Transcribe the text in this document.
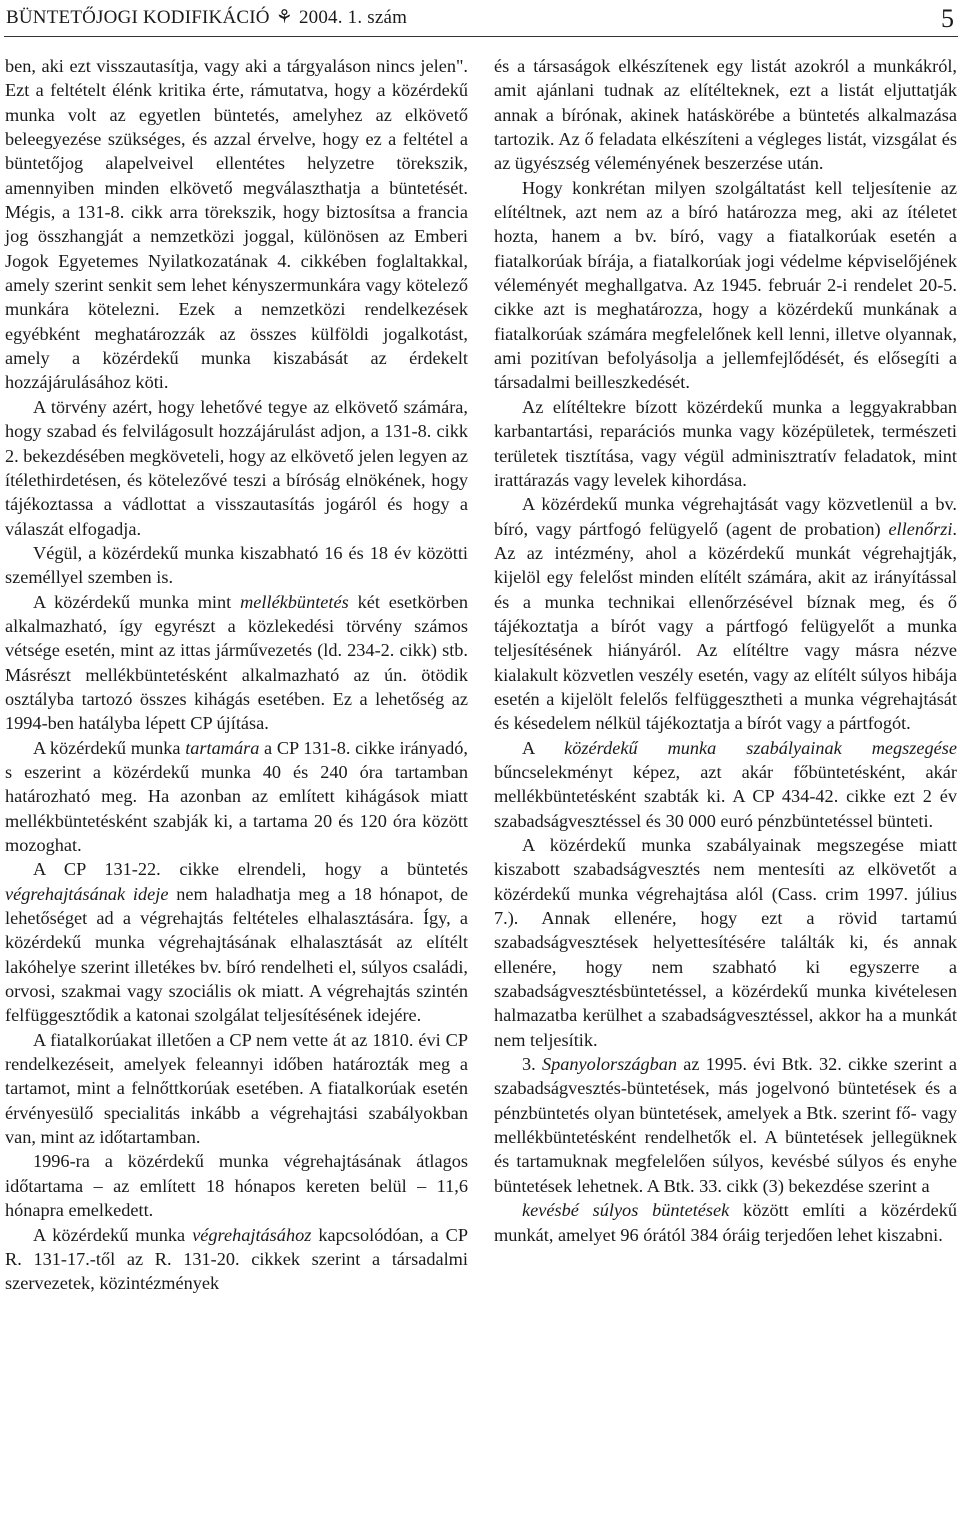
BÜNTETŐJOGI KODIFIKÁCIÓ ⚘ 2004. 1. szám	5

ben, aki ezt visszautasítja, vagy aki a tárgyaláson nincs jelen". Ezt a feltételt élénk kritika érte, rámutatva, hogy a közérdekű munka volt az egyetlen büntetés, amelyhez az elkövető beleegyezése szükséges, és azzal érvelve, hogy ez a feltétel a büntetőjog alapelveivel ellentétes helyzetre törekszik, amennyiben minden elkövető megválaszthatja a büntetését. Mégis, a 131-8. cikk arra törekszik, hogy biztosítsa a francia jog összhangját a nemzetközi joggal, különösen az Emberi Jogok Egyetemes Nyilatkozatának 4. cikkében foglaltakkal, amely szerint senkit sem lehet kényszermunkára vagy kötelező munkára kötelezni. Ezek a nemzetközi rendelkezések egyébként meghatározzák az összes külföldi jogalkotást, amely a közérdekű munka kiszabását az érdekelt hozzájárulásához köti.

A törvény azért, hogy lehetővé tegye az elkövető számára, hogy szabad és felvilágosult hozzájárulást adjon, a 131-8. cikk 2. bekezdésében megköveteli, hogy az elkövető jelen legyen az ítélethirdetésen, és kötelezővé teszi a bíróság elnökének, hogy tájékoztassa a vádlottat a visszautasítás jogáról és hogy a válaszát elfogadja.

Végül, a közérdekű munka kiszabható 16 és 18 év közötti személlyel szemben is.

A közérdekű munka mint mellékbüntetés két esetkörben alkalmazható, így egyrészt a közlekedési törvény számos vétsége esetén, mint az ittas járművezetés (ld. 234-2. cikk) stb. Másrészt mellékbüntetésként alkalmazható az ún. ötödik osztályba tartozó összes kihágás esetében. Ez a lehetőség az 1994-ben hatályba lépett CP újítása.

A közérdekű munka tartamára a CP 131-8. cikke irányadó, s eszerint a közérdekű munka 40 és 240 óra tartamban határozható meg. Ha azonban az említett kihágások miatt mellékbüntetésként szabják ki, a tartama 20 és 120 óra között mozoghat.

A CP 131-22. cikke elrendeli, hogy a büntetés végrehajtásának ideje nem haladhatja meg a 18 hónapot, de lehetőséget ad a végrehajtás feltételes elhalasztására. Így, a közérdekű munka végrehajtásának elhalasztását az elítélt lakóhelye szerint illetékes bv. bíró rendelheti el, súlyos családi, orvosi, szakmai vagy szociális ok miatt. A végrehajtás szintén felfüggesztődik a katonai szolgálat teljesítésének idejére.

A fiatalkorúakat illetően a CP nem vette át az 1810. évi CP rendelkezéseit, amelyek feleannyi időben határozták meg a tartamot, mint a felnőttkorúak esetében. A fiatalkorúak esetén érvényesülő specialitás inkább a végrehajtási szabályokban van, mint az időtartamban.

1996-ra a közérdekű munka végrehajtásának átlagos időtartama – az említett 18 hónapos kereten belül – 11,6 hónapra emelkedett.

A közérdekű munka végrehajtásához kapcsolódóan, a CP R. 131-17.-től az R. 131-20. cikkek szerint a társadalmi szervezetek, közintézmények

és a társaságok elkészítenek egy listát azokról a munkákról, amit ajánlani tudnak az elítélteknek, ezt a listát eljuttatják annak a bírónak, akinek hatáskörébe a büntetés alkalmazása tartozik. Az ő feladata elkészíteni a végleges listát, vizsgálat és az ügyészség véleményének beszerzése után.

Hogy konkrétan milyen szolgáltatást kell teljesítenie az elítéltnek, azt nem az a bíró határozza meg, aki az ítéletet hozta, hanem a bv. bíró, vagy a fiatalkorúak esetén a fiatalkorúak bírája, a fiatalkorúak jogi védelme képviselőjének véleményét meghallgatva. Az 1945. február 2-i rendelet 20-5. cikke azt is meghatározza, hogy a közérdekű munkának a fiatalkorúak számára megfelelőnek kell lenni, illetve olyannak, ami pozitívan befolyásolja a jellemfejlődését, és elősegíti a társadalmi beilleszkedését.

Az elítéltekre bízott közérdekű munka a leggyakrabban karbantartási, reparációs munka vagy középületek, természeti területek tisztítása, vagy végül adminisztratív feladatok, mint irattárazás vagy levelek kihordása.

A közérdekű munka végrehajtását vagy közvetlenül a bv. bíró, vagy pártfogó felügyelő (agent de probation) ellenőrzi. Az az intézmény, ahol a közérdekű munkát végrehajtják, kijelöl egy felelőst minden elítélt számára, akit az irányítással és a munka technikai ellenőrzésével bíznak meg, és ő tájékoztatja a bírót vagy a pártfogó felügyelőt a munka teljesítésének hiányáról. Az elítéltre vagy másra nézve kialakult közvetlen veszély esetén, vagy az elítélt súlyos hibája esetén a kijelölt felelős felfüggesztheti a munka végrehajtását és késedelem nélkül tájékoztatja a bírót vagy a pártfogót.

A közérdekű munka szabályainak megszegése bűncselekményt képez, azt akár főbüntetésként, akár mellékbüntetésként szabták ki. A CP 434-42. cikke ezt 2 év szabadságvesztéssel és 30 000 euró pénzbüntetéssel bünteti.

A közérdekű munka szabályainak megszegése miatt kiszabott szabadságvesztés nem mentesíti az elkövetőt a közérdekű munka végrehajtása alól (Cass. crim 1997. július 7.). Annak ellenére, hogy ezt a rövid tartamú szabadságvesztések helyettesítésére találták ki, és annak ellenére, hogy nem szabható ki egyszerre a szabadságvesztésbüntetéssel, a közérdekű munka kivételesen halmazatba kerülhet a szabadságvesztéssel, akkor ha a munkát nem teljesítik.

3. Spanyolországban az 1995. évi Btk. 32. cikke szerint a szabadságvesztés-büntetések, más jogelvonó büntetések és a pénzbüntetés olyan büntetések, amelyek a Btk. szerint fő- vagy mellékbüntetésként rendelhetők el. A büntetések jellegüknek és tartamuknak megfelelően súlyos, kevésbé súlyos és enyhe büntetések lehetnek. A Btk. 33. cikk (3) bekezdése szerint a

kevésbé súlyos büntetések között említi a közérdekű munkát, amelyet 96 órától 384 óráig terjedően lehet kiszabni.
